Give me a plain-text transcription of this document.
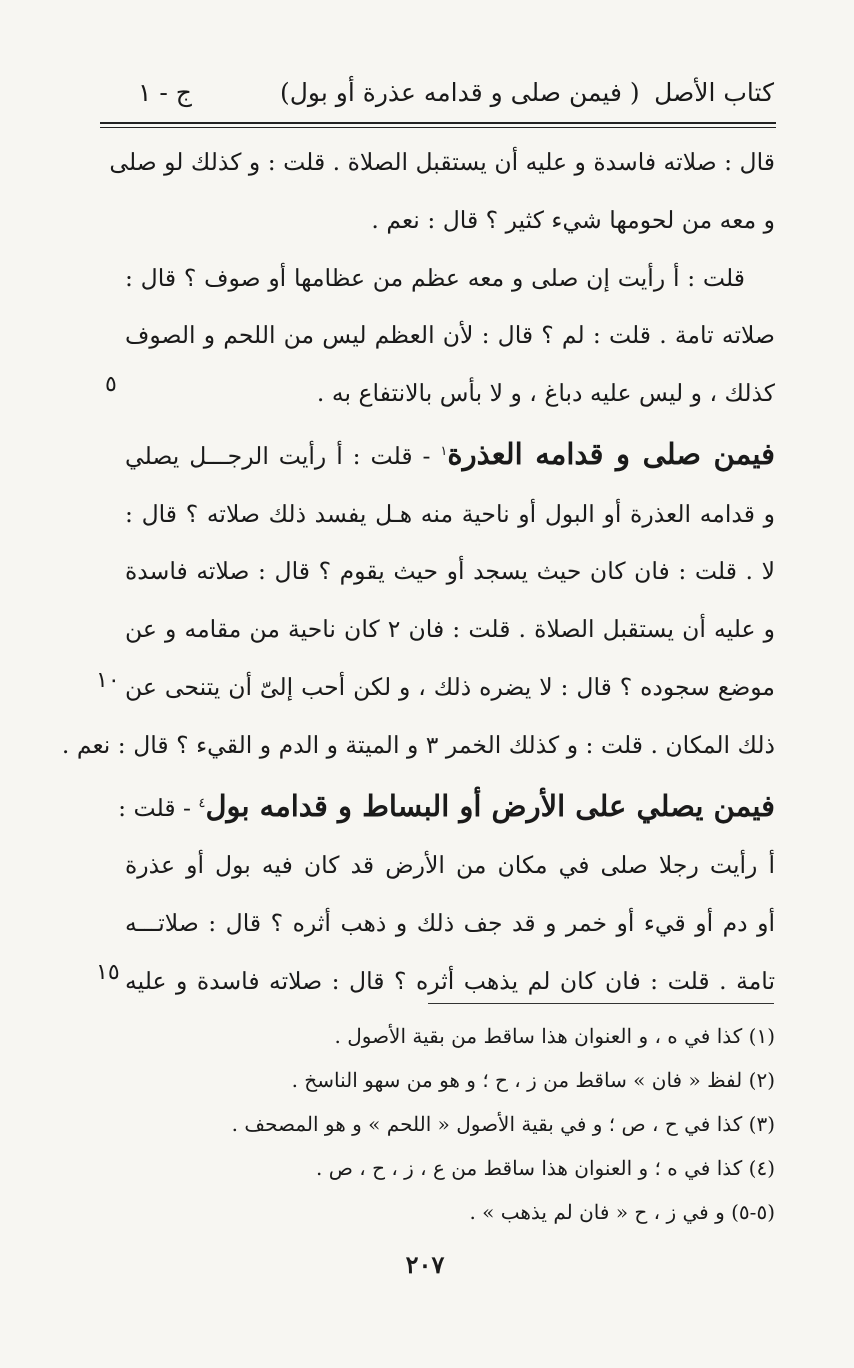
كتاب الأصل
(فيمن صلى و قدامه عذرة أو بول )
ج - ١
قال : صلاته فاسدة و عليه أن يستقبل الصلاة . قلت : و كذلك لو صلى
و معه من لحومها شيء كثير ؟ قال : نعم .
قلت : أ رأيت إن صلى و معه عظم من عظامها أو صوف ؟ قال :
صلاته تامة . قلت : لم ؟ قال : لأن العظم ليس من اللحم و الصوف
كذلك ، و ليس عليه دباغ ، و لا بأس بالانتفاع به .
فيمن صلى و قدامه العذرة$^١$ - قلت : أ رأيت الرجـــل يصلي
و قدامه العذرة أو البول أو ناحية منه هـل يفسد ذلك صلاته ؟ قال :
لا . قلت : فان كان حيث يسجد أو حيث يقوم ؟ قال : صلاته فاسدة
و عليه أن يستقبل الصلاة . قلت : فان ٢ كان ناحية من مقامه و عن
موضع سجوده ؟ قال : لا يضره ذلك ، و لكن أحب إلىّ أن يتنحى عن
ذلك المكان . قلت : و كذلك الخمر ٣ و الميتة و الدم و القيء ؟ قال : نعم .
فيمن يصلي على الأرض أو البساط و قدامه بول$^٤$ - قلت :
أ رأيت رجلا صلى في مكان من الأرض قد كان فيه بول أو عذرة
أو دم أو قيء أو خمر و قد جف ذلك و ذهب أثره ؟ قال : صلاتـــه
تامة . قلت : فان كان لم يذهب أثره ؟ قال : صلاته فاسدة و عليه
٥
١٠
١٥
(١) كذا في ه ، و العنوان هذا ساقط من بقية الأصول .
(٢) لفظ « فان » ساقط من ز ، ح ؛ و هو من سهو الناسخ .
(٣) كذا في ح ، ص ؛ و في بقية الأصول « اللحم » و هو المصحف .
(٤) كذا في ه ؛ و العنوان هذا ساقط من ع ، ز ، ح ، ص .
(٥-٥) و في ز ، ح « فان لم يذهب » .
٢٠٧
